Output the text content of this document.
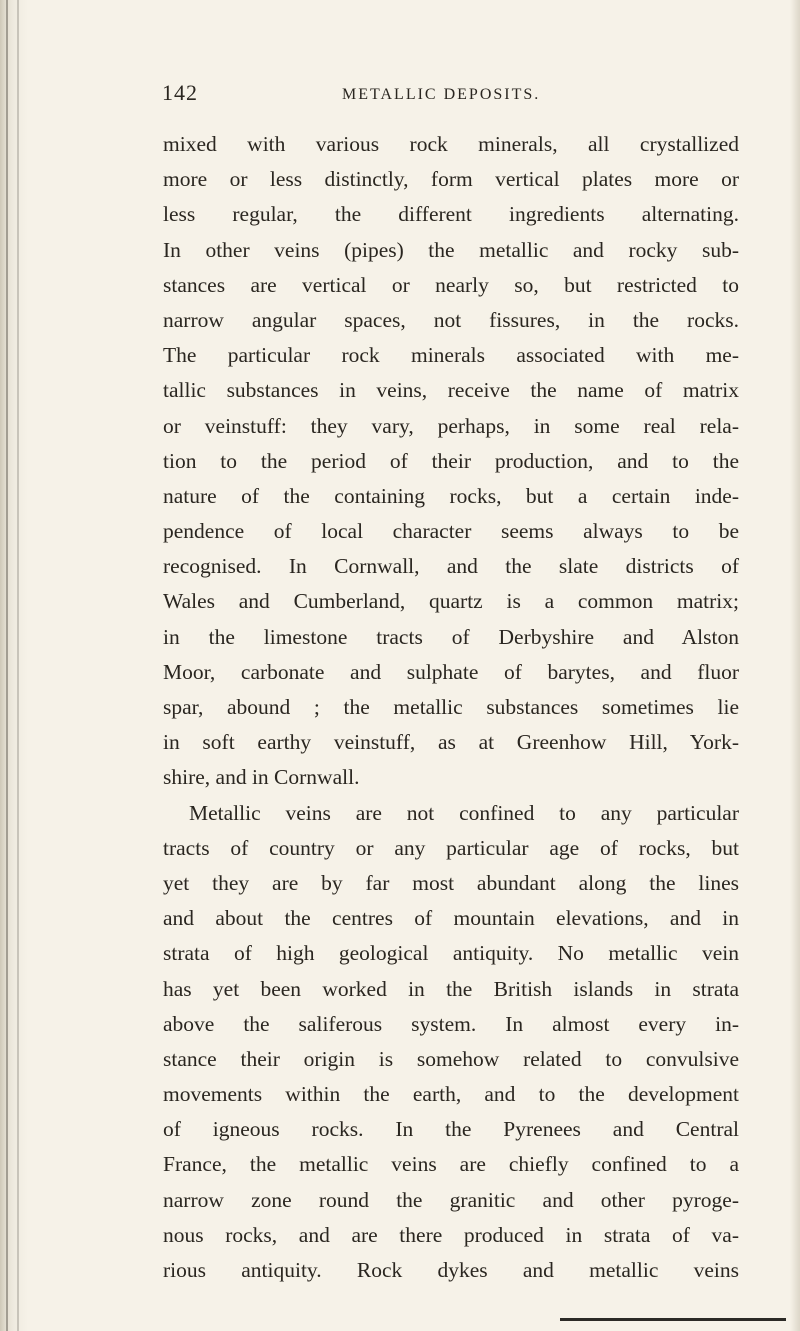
142	METALLIC DEPOSITS.
mixed with various rock minerals, all crystallized
more or less distinctly, form vertical plates more or
less regular, the different ingredients alternating.
In other veins (pipes) the metallic and rocky sub-
stances are vertical or nearly so, but restricted to
narrow angular spaces, not fissures, in the rocks.
The particular rock minerals associated with me-
tallic substances in veins, receive the name of matrix
or veinstuff: they vary, perhaps, in some real rela-
tion to the period of their production, and to the
nature of the containing rocks, but a certain inde-
pendence of local character seems always to be
recognised. In Cornwall, and the slate districts of
Wales and Cumberland, quartz is a common matrix;
in the limestone tracts of Derbyshire and Alston
Moor, carbonate and sulphate of barytes, and fluor
spar, abound ; the metallic substances sometimes lie
in soft earthy veinstuff, as at Greenhow Hill, York-
shire, and in Cornwall.
Metallic veins are not confined to any particular
tracts of country or any particular age of rocks, but
yet they are by far most abundant along the lines
and about the centres of mountain elevations, and in
strata of high geological antiquity. No metallic vein
has yet been worked in the British islands in strata
above the saliferous system. In almost every in-
stance their origin is somehow related to convulsive
movements within the earth, and to the development
of igneous rocks. In the Pyrenees and Central
France, the metallic veins are chiefly confined to a
narrow zone round the granitic and other pyroge-
nous rocks, and are there produced in strata of va-
rious antiquity. Rock dykes and metallic veins
